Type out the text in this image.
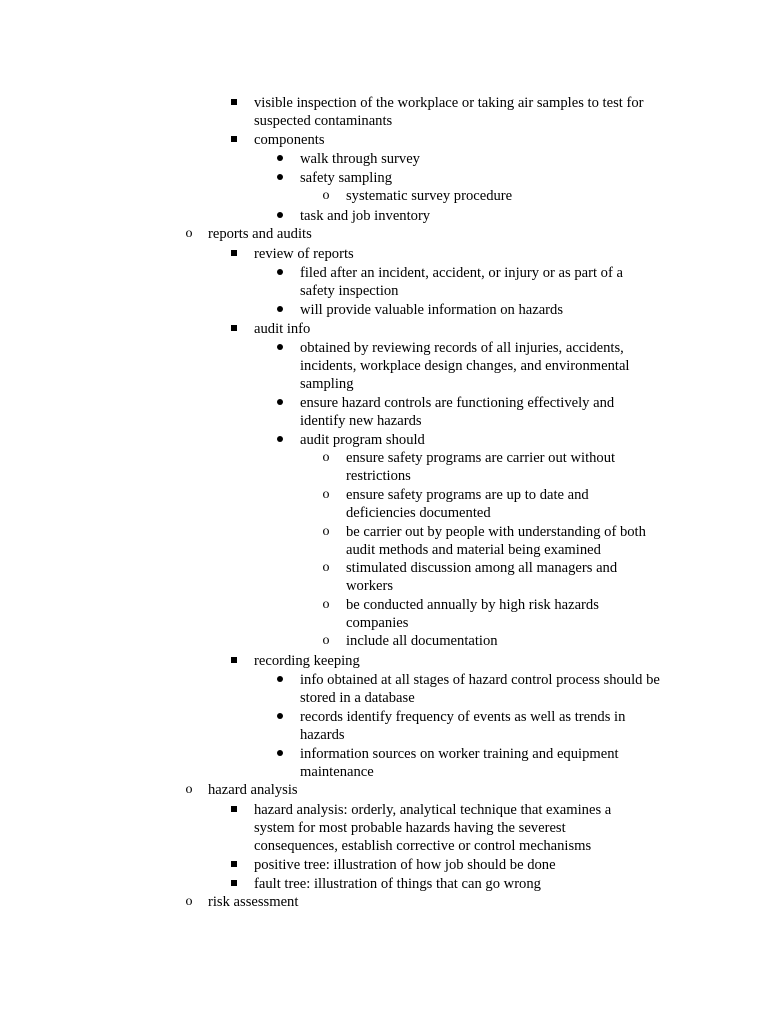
visible inspection of the workplace or taking air samples to test for suspected contaminants
components
walk through survey
safety sampling
o systematic survey procedure
task and job inventory
o reports and audits
review of reports
filed after an incident, accident, or injury or as part of a safety inspection
will provide valuable information on hazards
audit info
obtained by reviewing records of all injuries, accidents, incidents, workplace design changes, and environmental sampling
ensure hazard controls are functioning effectively and identify new hazards
audit program should
o ensure safety programs are carrier out without restrictions
o ensure safety programs are up to date and deficiencies documented
o be carrier out by people with understanding of both audit methods and material being examined
o stimulated discussion among all managers and workers
o be conducted annually by high risk hazards companies
o include all documentation
recording keeping
info obtained at all stages of hazard control process should be stored in a database
records identify frequency of events as well as trends in hazards
information sources on worker training and equipment maintenance
o hazard analysis
hazard analysis: orderly, analytical technique that examines a system for most probable hazards having the severest consequences, establish corrective or control mechanisms
positive tree: illustration of how job should be done
fault tree: illustration of things that can go wrong
o risk assessment
